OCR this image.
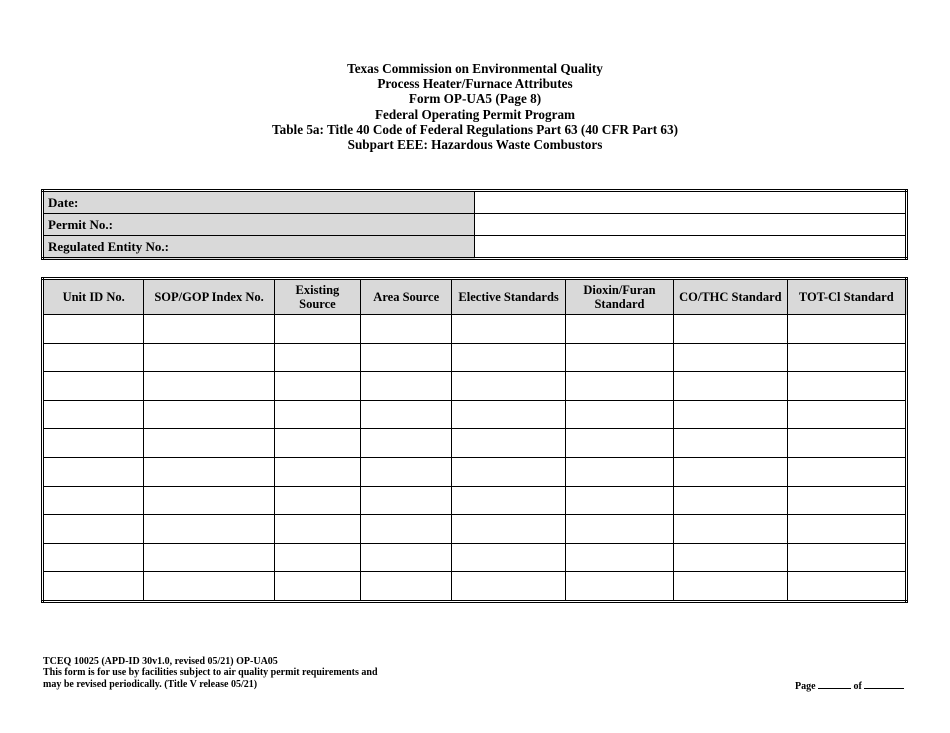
Texas Commission on Environmental Quality
Process Heater/Furnace Attributes
Form OP-UA5 (Page 8)
Federal Operating Permit Program
Table 5a: Title 40 Code of Federal Regulations Part 63 (40 CFR Part 63)
Subpart EEE: Hazardous Waste Combustors
Date:	
Permit No.:	
Regulated Entity No.:	
Unit ID No.	SOP/GOP Index No.	Existing Source	Area Source	Elective Standards	Dioxin/Furan Standard	CO/THC Standard	TOT-Cl Standard

TCEQ 10025 (APD-ID 30v1.0, revised 05/21) OP-UA05
This form is for use by facilities subject to air quality permit requirements and
may be revised periodically. (Title V release 05/21)	Page	of
